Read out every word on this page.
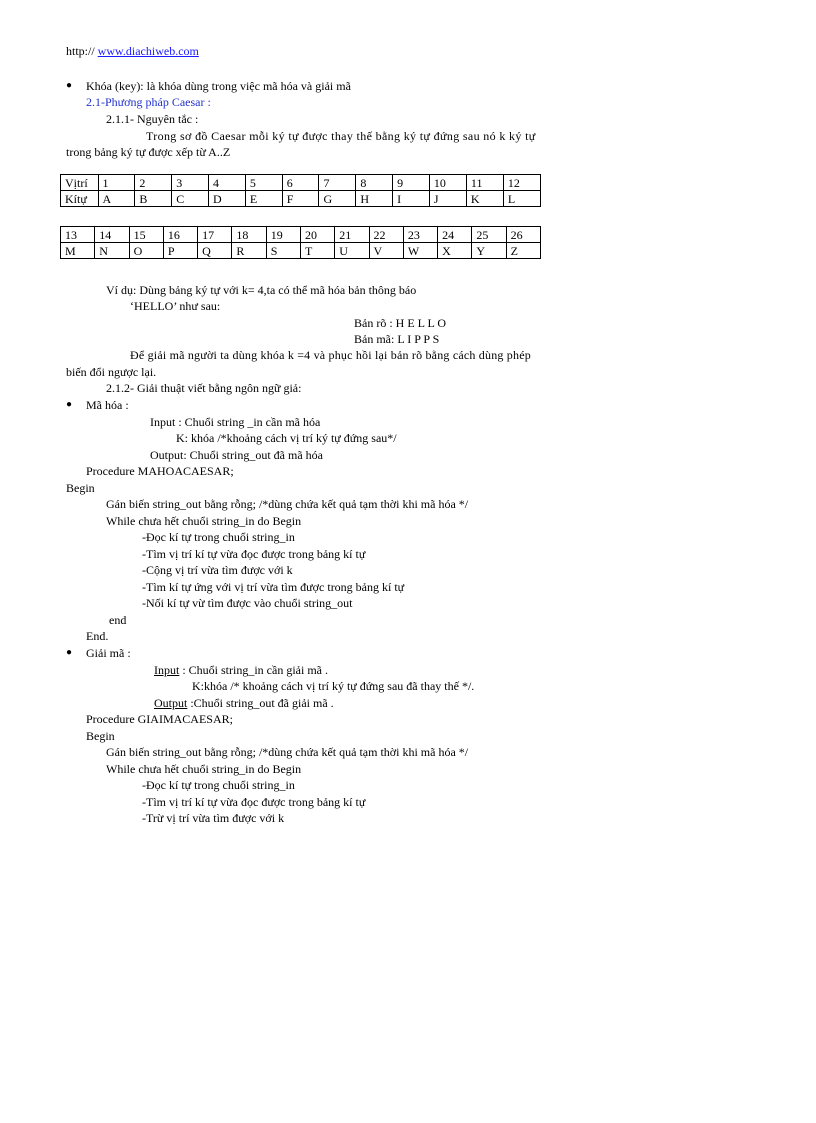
http:// www.diachiweb.com
● Khóa (key): là khóa dùng trong việc mã hóa và giải mã
2.1-Phương pháp Caesar :
2.1.1- Nguyên tắc :
Trong sơ đồ Caesar mỗi ký tự được thay thế bằng ký tự đứng sau nó k ký tự
trong bảng ký tự được xếp từ A..Z
Vịtrí	1	2	3	4	5	6	7	8	9	10	11	12
Kítự	A	B	C	D	E	F	G	H	I	J	K	L
13	14	15	16	17	18	19	20	21	22	23	24	25	26
M	N	O	P	Q	R	S	T	U	V	W	X	Y	Z
Ví dụ: Dùng bảng ký tự với k= 4,ta có thể mã hóa bản thông báo
‘HELLO’ như sau:
Bản rõ : H E L L O
Bản mã: L I P P S
Để giải mã người ta dùng khóa k =4 và phục hồi lại bản rõ bằng cách dùng phép
biến đổi ngược lại.
2.1.2- Giải thuật viết bằng ngôn ngữ giả:
● Mã hóa :
Input : Chuổi string _in cần mã hóa
K: khóa /*khoảng cách vị trí ký tự đứng sau*/
Output: Chuổi string_out đã mã hóa
Procedure MAHOACAESAR;
Begin
Gán biến string_out bằng rỗng; /*dùng chứa kết quả tạm thời khi mã hóa */
While chưa hết chuổi string_in do Begin
-Đọc kí tự trong chuổi string_in
-Tìm vị trí kí tự vừa đọc được trong bảng kí tự
-Cộng vị trí vừa tìm được với k
-Tìm kí tự ứng với vị trí vừa tìm được trong bảng kí tự
-Nối kí tự vừ tìm được vào chuổi string_out
end
End.
● Giải mã :
Input : Chuổi string_in cần giải mã .
K:khóa /* khoảng cách vị trí ký tự đứng sau đã thay thế */.
Output :Chuổi string_out đã giải mã .
Procedure GIAIMACAESAR;
Begin
Gán biến string_out bằng rỗng; /*dùng chứa kết quả tạm thời khi mã hóa */
While chưa hết chuổi string_in do Begin
-Đọc kí tự trong chuổi string_in
-Tìm vị trí kí tự vừa đọc được trong bảng kí tự
-Trừ vị trí vừa tìm được với k
